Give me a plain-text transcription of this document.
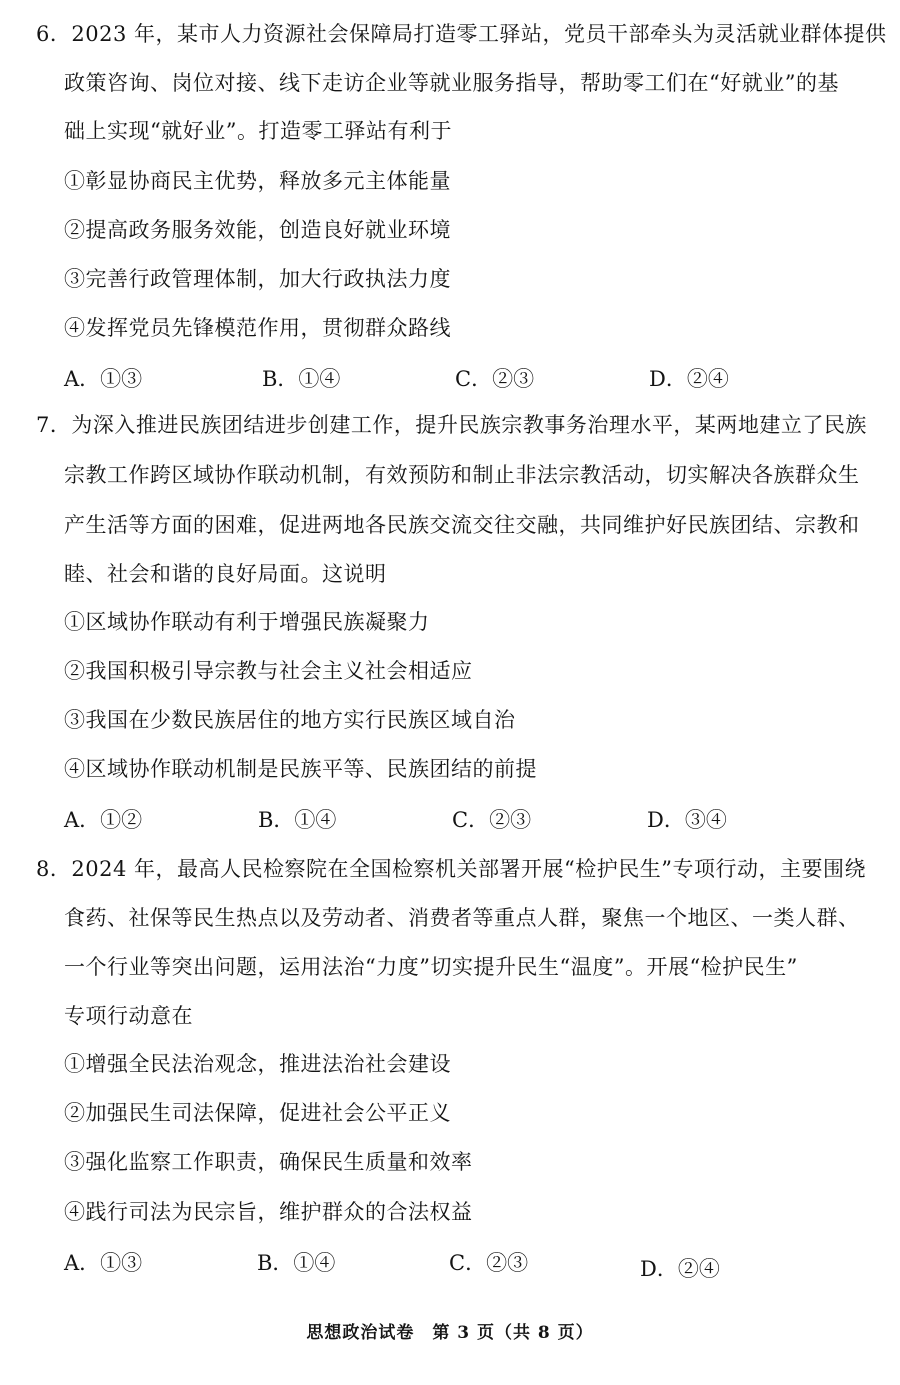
6．2023 年，某市人力资源社会保障局打造零工驿站，党员干部牵头为灵活就业群体提供
政策咨询、岗位对接、线下走访企业等就业服务指导，帮助零工们在“好就业”的基
础上实现“就好业”。打造零工驿站有利于
①彰显协商民主优势，释放多元主体能量
②提高政务服务效能，创造良好就业环境
③完善行政管理体制，加大行政执法力度
④发挥党员先锋模范作用，贯彻群众路线
A．①③	B．①④	C．②③	D．②④
7．为深入推进民族团结进步创建工作，提升民族宗教事务治理水平，某两地建立了民族
宗教工作跨区域协作联动机制，有效预防和制止非法宗教活动，切实解决各族群众生
产生活等方面的困难，促进两地各民族交流交往交融，共同维护好民族团结、宗教和
睦、社会和谐的良好局面。这说明
①区域协作联动有利于增强民族凝聚力
②我国积极引导宗教与社会主义社会相适应
③我国在少数民族居住的地方实行民族区域自治
④区域协作联动机制是民族平等、民族团结的前提
A．①②	B．①④	C．②③	D．③④
8．2024 年，最高人民检察院在全国检察机关部署开展“检护民生”专项行动，主要围绕
食药、社保等民生热点以及劳动者、消费者等重点人群，聚焦一个地区、一类人群、
一个行业等突出问题，运用法治“力度”切实提升民生“温度”。开展“检护民生”
专项行动意在
①增强全民法治观念，推进法治社会建设
②加强民生司法保障，促进社会公平正义
③强化监察工作职责，确保民生质量和效率
④践行司法为民宗旨，维护群众的合法权益
A．①③	B．①④	C．②③	D．②④
思想政治试卷　第 3 页（共 8 页）
